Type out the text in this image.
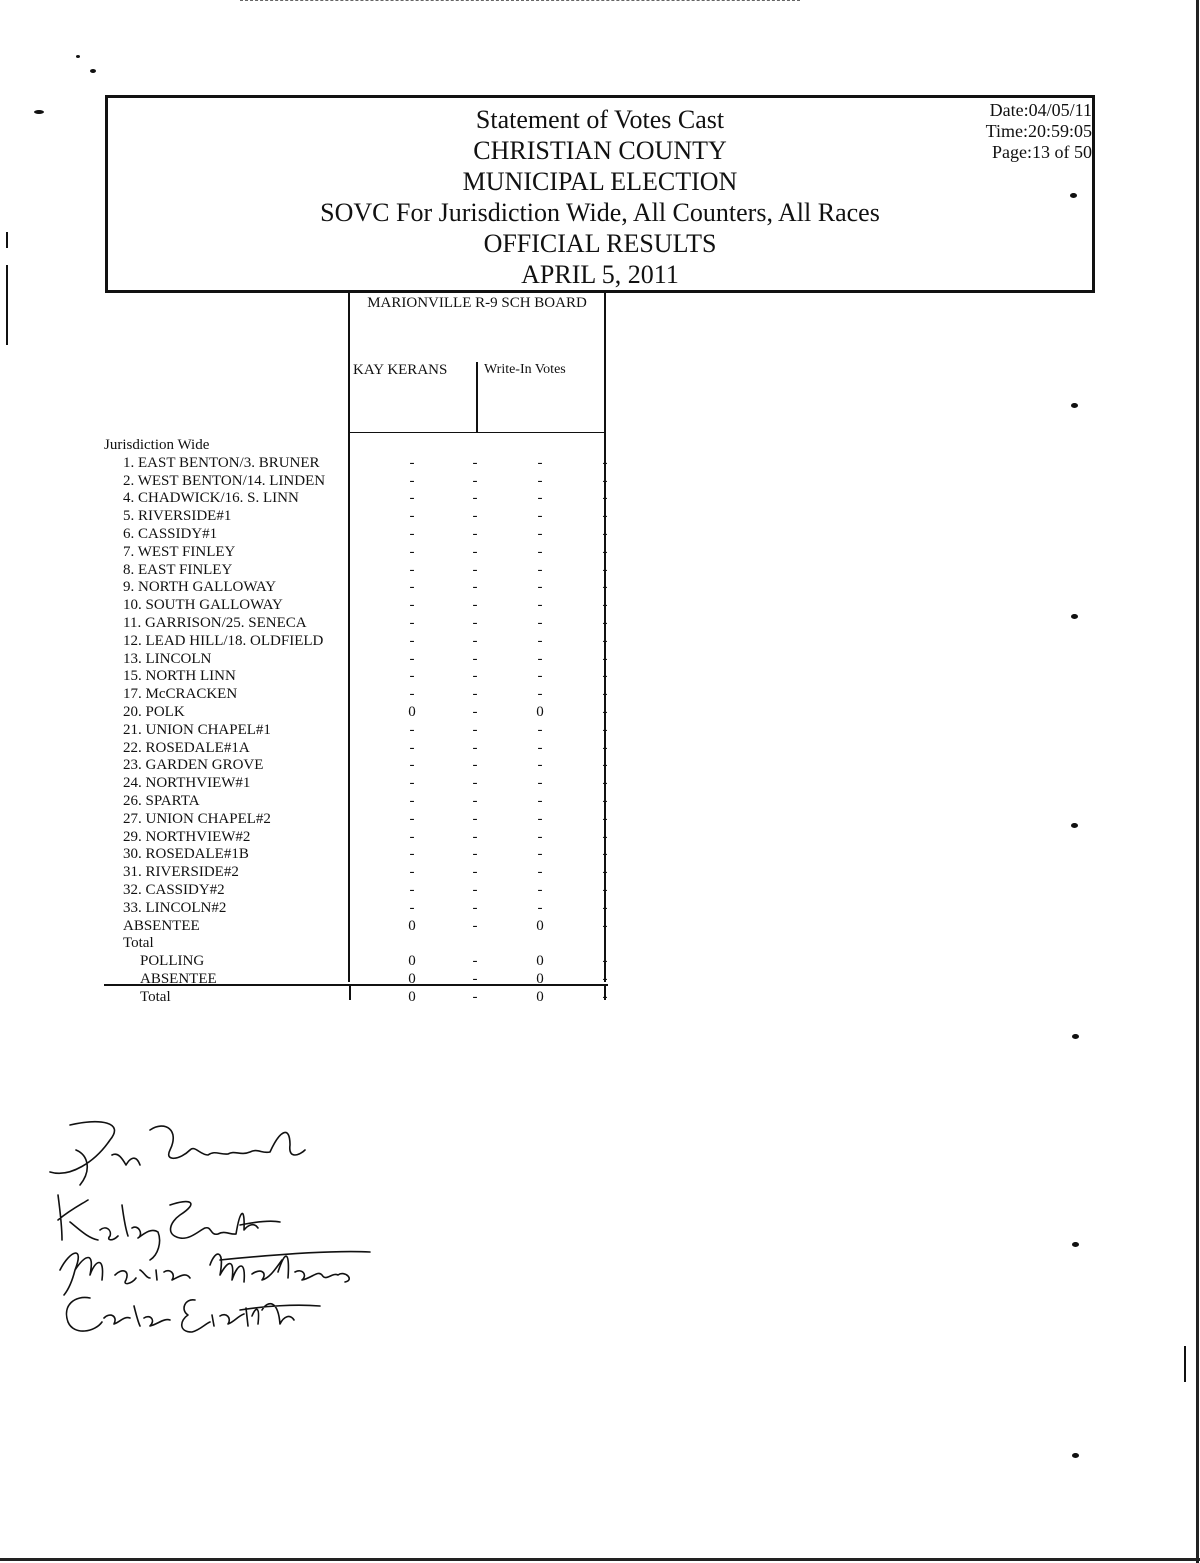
Statement of Votes Cast
CHRISTIAN COUNTY
MUNICIPAL ELECTION
SOVC For Jurisdiction Wide, All Counters, All Races
OFFICIAL RESULTS
APRIL 5, 2011
Date:04/05/11
Time:20:59:05
Page:13 of 50
MARIONVILLE R-9 SCH BOARD
KAY KERANS	Write-In Votes
Jurisdiction Wide
1. EAST BENTON/3. BRUNER	-	-	-	-
2. WEST BENTON/14. LINDEN	-	-	-	-
4. CHADWICK/16. S. LINN	-	-	-	-
5. RIVERSIDE#1	-	-	-	-
6. CASSIDY#1	-	-	-	-
7. WEST FINLEY	-	-	-	-
8. EAST FINLEY	-	-	-	-
9. NORTH GALLOWAY	-	-	-	-
10. SOUTH GALLOWAY	-	-	-	-
11. GARRISON/25. SENECA	-	-	-	-
12. LEAD HILL/18. OLDFIELD	-	-	-	-
13. LINCOLN	-	-	-	-
15. NORTH LINN	-	-	-	-
17. McCRACKEN	-	-	-	-
20. POLK	0	-	0	-
21. UNION CHAPEL#1	-	-	-	-
22. ROSEDALE#1A	-	-	-	-
23. GARDEN GROVE	-	-	-	-
24. NORTHVIEW#1	-	-	-	-
26. SPARTA	-	-	-	-
27. UNION CHAPEL#2	-	-	-	-
29. NORTHVIEW#2	-	-	-	-
30. ROSEDALE#1B	-	-	-	-
31. RIVERSIDE#2	-	-	-	-
32. CASSIDY#2	-	-	-	-
33. LINCOLN#2	-	-	-	-
ABSENTEE	0	-	0	-
Total
POLLING	0	-	0	-
ABSENTEE	0	-	0	-
Total	0	-	0	-
